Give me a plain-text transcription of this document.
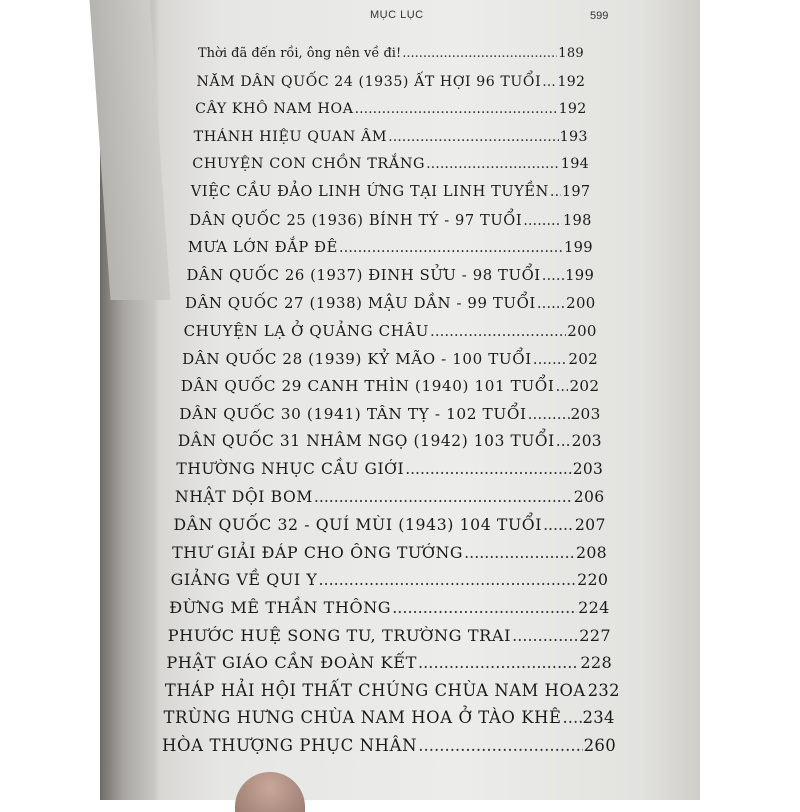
MỤC LỤC	599
Thời đã đến rồi, ông nên về đi! .....	189
NĂM DÂN QUỐC 24 (1935) ẤT HỢI 96 TUỔI ..... 192
CÂY KHÔ NAM HOA .....	192
THÁNH HIỆU QUAN ÂM .....	193
CHUYỆN CON CHỒN TRẮNG .....	194
VIỆC CẦU ĐẢO LINH ỨNG TẠI LINH TUYỀN ..... 197
DÂN QUỐC 25 (1936) BÍNH TÝ - 97 TUỔI .....	198
MƯA LỚN ĐẮP ĐÊ .....	199
DÂN QUỐC 26 (1937) ĐINH SỬU - 98 TUỔI ..... 199
DÂN QUỐC 27 (1938) MẬU DẦN - 99 TUỔI ..... 200
CHUYỆN LẠ Ở QUẢNG CHÂU .....	200
DÂN QUỐC 28 (1939) KỶ MÃO - 100 TUỔI ..... 202
DÂN QUỐC 29 CANH THÌN (1940) 101 TUỔI ..... 202
DÂN QUỐC 30 (1941) TÂN TỴ - 102 TUỔI .....	203
DÂN QUỐC 31 NHÂM NGỌ (1942) 103 TUỔI ..... 203
THƯỜNG NHỤC CẦU GIỚI .....	203
NHẬT DỘI BOM .....	206
DÂN QUỐC 32 - QUÍ MÙI (1943) 104 TUỔI ..... 207
THƯ GIẢI ĐÁP CHO ÔNG TƯỚNG .....	208
GIẢNG VỀ QUI Y .....	220
ĐỪNG MÊ THẦN THÔNG .....	224
PHƯỚC HUỆ SONG TU, TRƯỜNG TRAI .....	227
PHẬT GIÁO CẦN ĐOÀN KẾT .....	228
THÁP HẢI HỘI THẤT CHÚNG CHÙA NAM HOA 232
TRÙNG HƯNG CHÙA NAM HOA Ở TÀO KHÊ ..... 234
HÒA THƯỢNG PHỤC NHÂN .....	260
